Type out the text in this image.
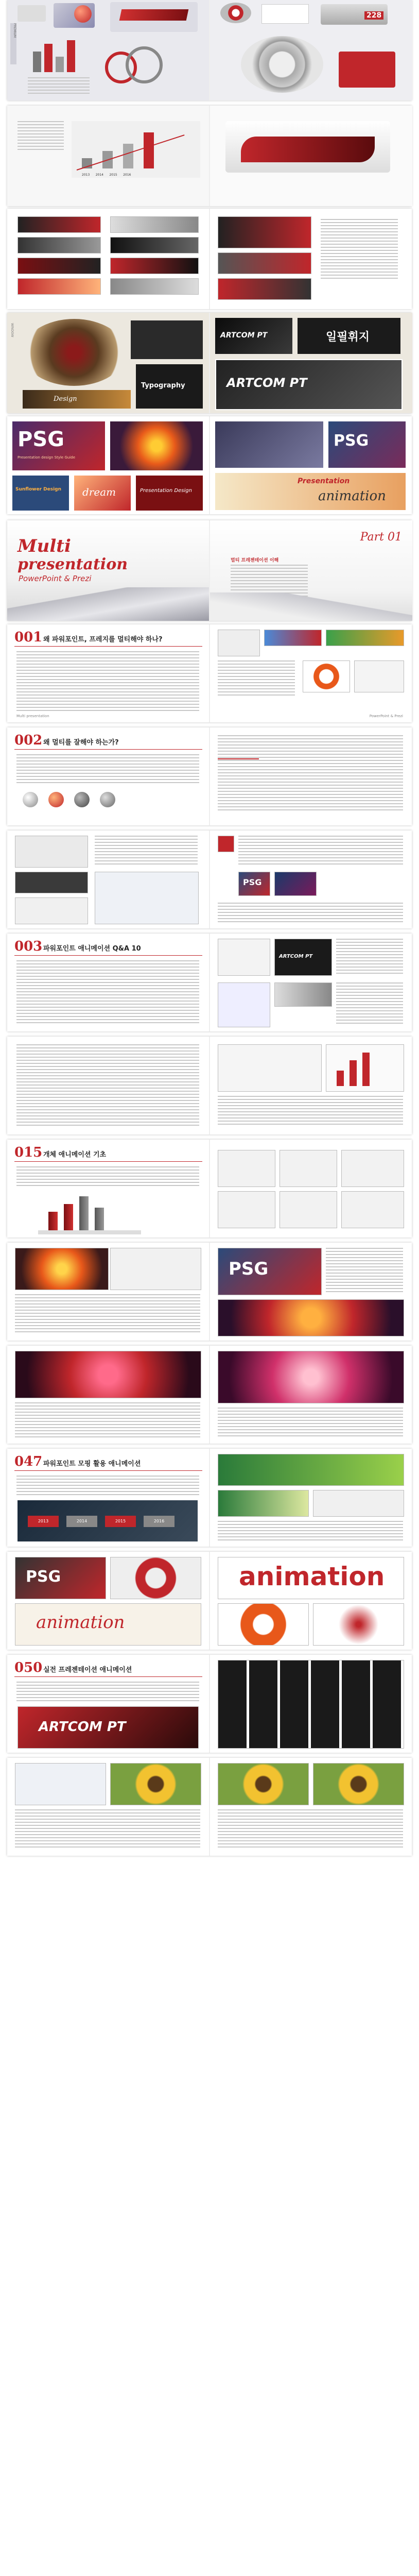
PREMIUM
228
2013 2014 2015 2016
WINDOW
Design
Typography
ARTCOM PT	일필휘지
ARTCOM PT
PSG
Presentation design Style Guide
Sunflower Design dream	Presentation Design
PSG
Presentation
animation
Multi
presentation
PowerPoint & Prezi
Part 01
멀티 프레젠테이션 이해
001 왜 파워포인트, 프레지를 멀티해야 하나?
Multi presentation	PowerPoint & Prezi
002 왜 멀티를 잘해야 하는가?
PSG
003 파워포인트 애니메이션 Q&A 10
ARTCOM PT
015 개체 애니메이션 기초
PSG
047 파워포인트 모핑 활용 애니메이션
2013	2014	2015	2016
PSG
animation
animation
050 실전 프레젠테이션 애니메이션
ARTCOM PT
